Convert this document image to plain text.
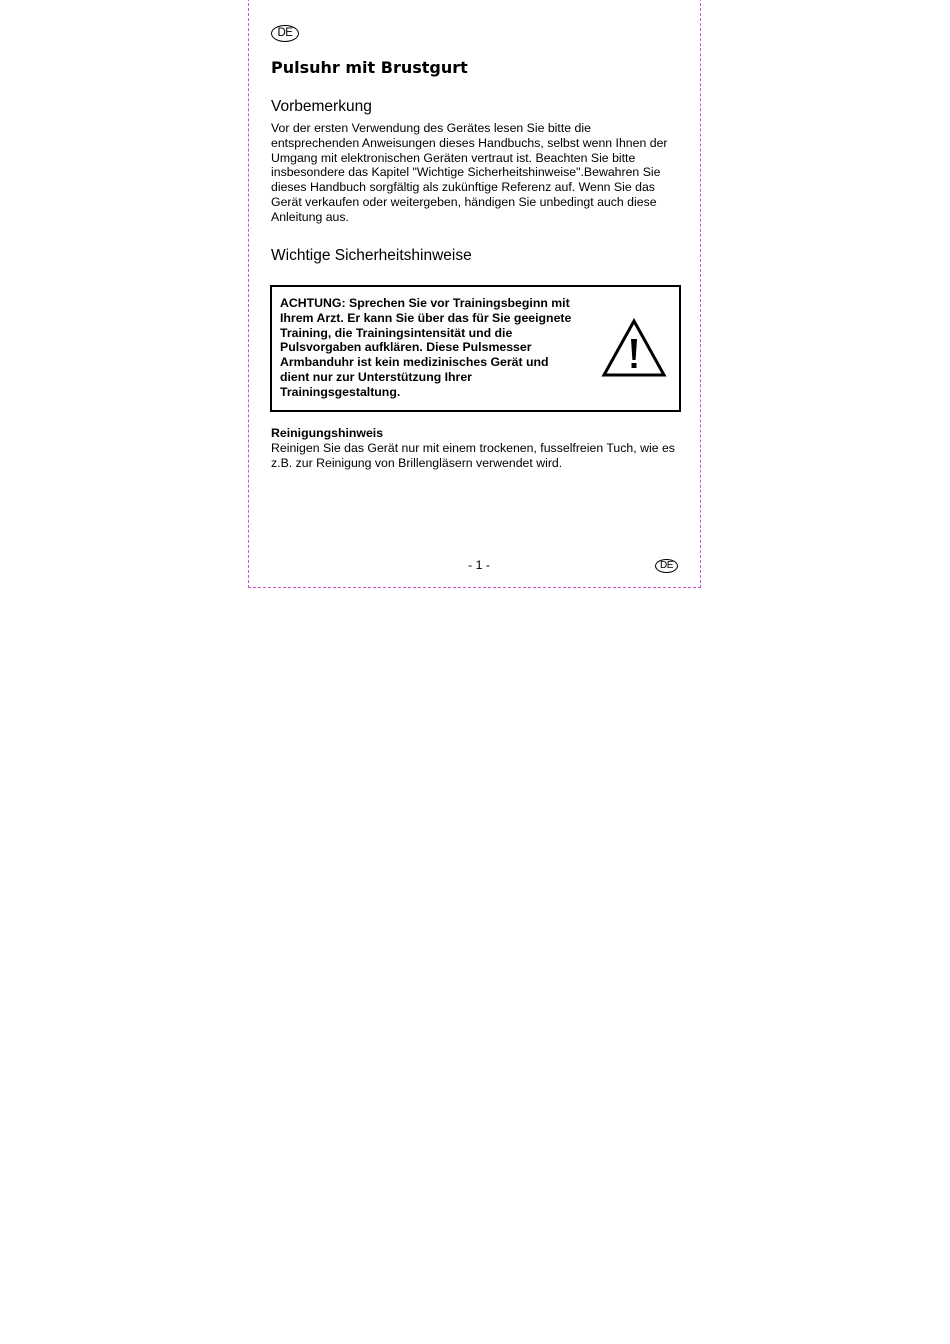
DE
Pulsuhr mit Brustgurt
Vorbemerkung

Vor der ersten Verwendung des Gerätes lesen Sie bitte die entsprechenden Anweisungen dieses Handbuchs, selbst wenn Ihnen der Umgang mit elektronischen Geräten vertraut ist. Beachten Sie bitte insbesondere das Kapitel "Wichtige Sicherheitshinweise".Bewahren Sie dieses Handbuch sorgfältig als zukünftige Referenz auf. Wenn Sie das Gerät verkaufen oder weitergeben, händigen Sie unbedingt auch diese Anleitung aus.

Wichtige Sicherheitshinweise

ACHTUNG: Sprechen Sie vor Trainingsbeginn mit Ihrem Arzt. Er kann Sie über das für Sie geeignete Training, die Trainingsintensität und die Pulsvorgaben aufklären. Diese Pulsmesser Armbanduhr ist kein medizinisches Gerät und dient nur zur Unterstützung Ihrer Trainingsgestaltung.

Reinigungshinweis

Reinigen Sie das Gerät nur mit einem trockenen, fusselfreien Tuch, wie es z.B. zur Reinigung von Brillengläsern verwendet wird.

- 1 -	DE
